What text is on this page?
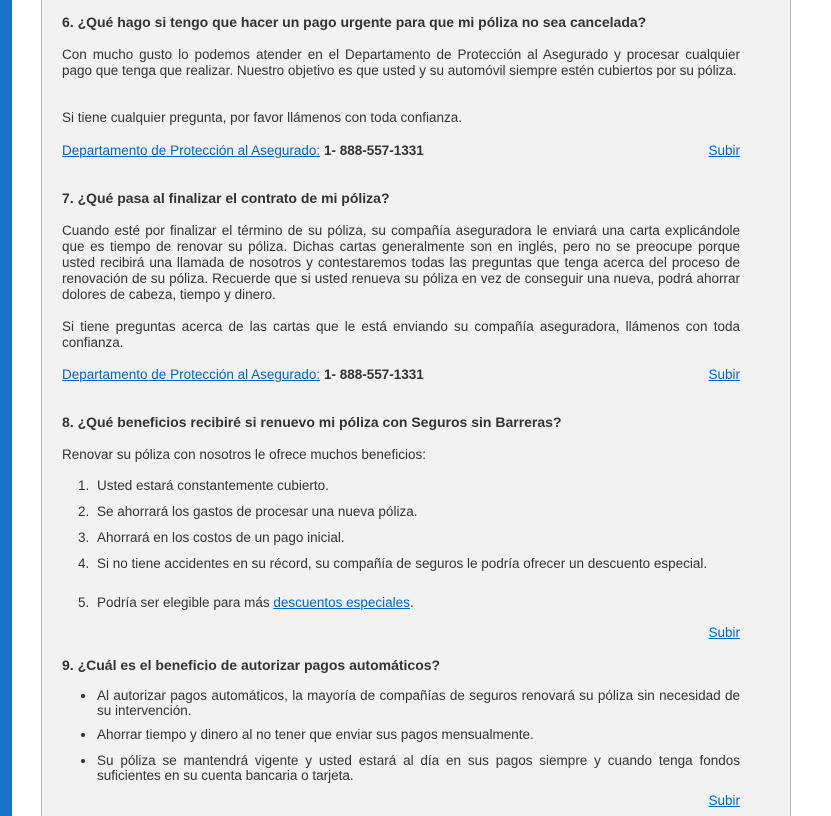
6. ¿Qué hago si tengo que hacer un pago urgente para que mi póliza no sea cancelada?

Con mucho gusto lo podemos atender en el Departamento de Protección al Asegurado y procesar cualquier pago que tenga que realizar. Nuestro objetivo es que usted y su automóvil siempre estén cubiertos por su póliza.

Si tiene cualquier pregunta, por favor llámenos con toda confianza.

Departamento de Protección al Asegurado: 1- 888-557-1331	Subir
7. ¿Qué pasa al finalizar el contrato de mi póliza?

Cuando esté por finalizar el término de su póliza, su compañía aseguradora le enviará una carta explicándole que es tiempo de renovar su póliza. Dichas cartas generalmente son en inglés, pero no se preocupe porque usted recibirá una llamada de nosotros y contestaremos todas las preguntas que tenga acerca del proceso de renovación de su póliza. Recuerde que si usted renueva su póliza en vez de conseguir una nueva, podrá ahorrar dolores de cabeza, tiempo y dinero.

Si tiene preguntas acerca de las cartas que le está enviando su compañía aseguradora, llámenos con toda confianza.

Departamento de Protección al Asegurado: 1- 888-557-1331	Subir
8. ¿Qué beneficios recibiré si renuevo mi póliza con Seguros sin Barreras?

Renovar su póliza con nosotros le ofrece muchos beneficios:

1. Usted estará constantemente cubierto.
2. Se ahorrará los gastos de procesar una nueva póliza.
3. Ahorrará en los costos de un pago inicial.
4. Si no tiene accidentes en su récord, su compañía de seguros le podría ofrecer un descuento especial.
5. Podría ser elegible para más descuentos especiales.
Subir
9. ¿Cuál es el beneficio de autorizar pagos automáticos?
Al autorizar pagos automáticos, la mayoría de compañías de seguros renovará su póliza sin necesidad de su intervención.
Ahorrar tiempo y dinero al no tener que enviar sus pagos mensualmente.
Su póliza se mantendrá vigente y usted estará al día en sus pagos siempre y cuando tenga fondos suficientes en su cuenta bancaria o tarjeta.
Subir
